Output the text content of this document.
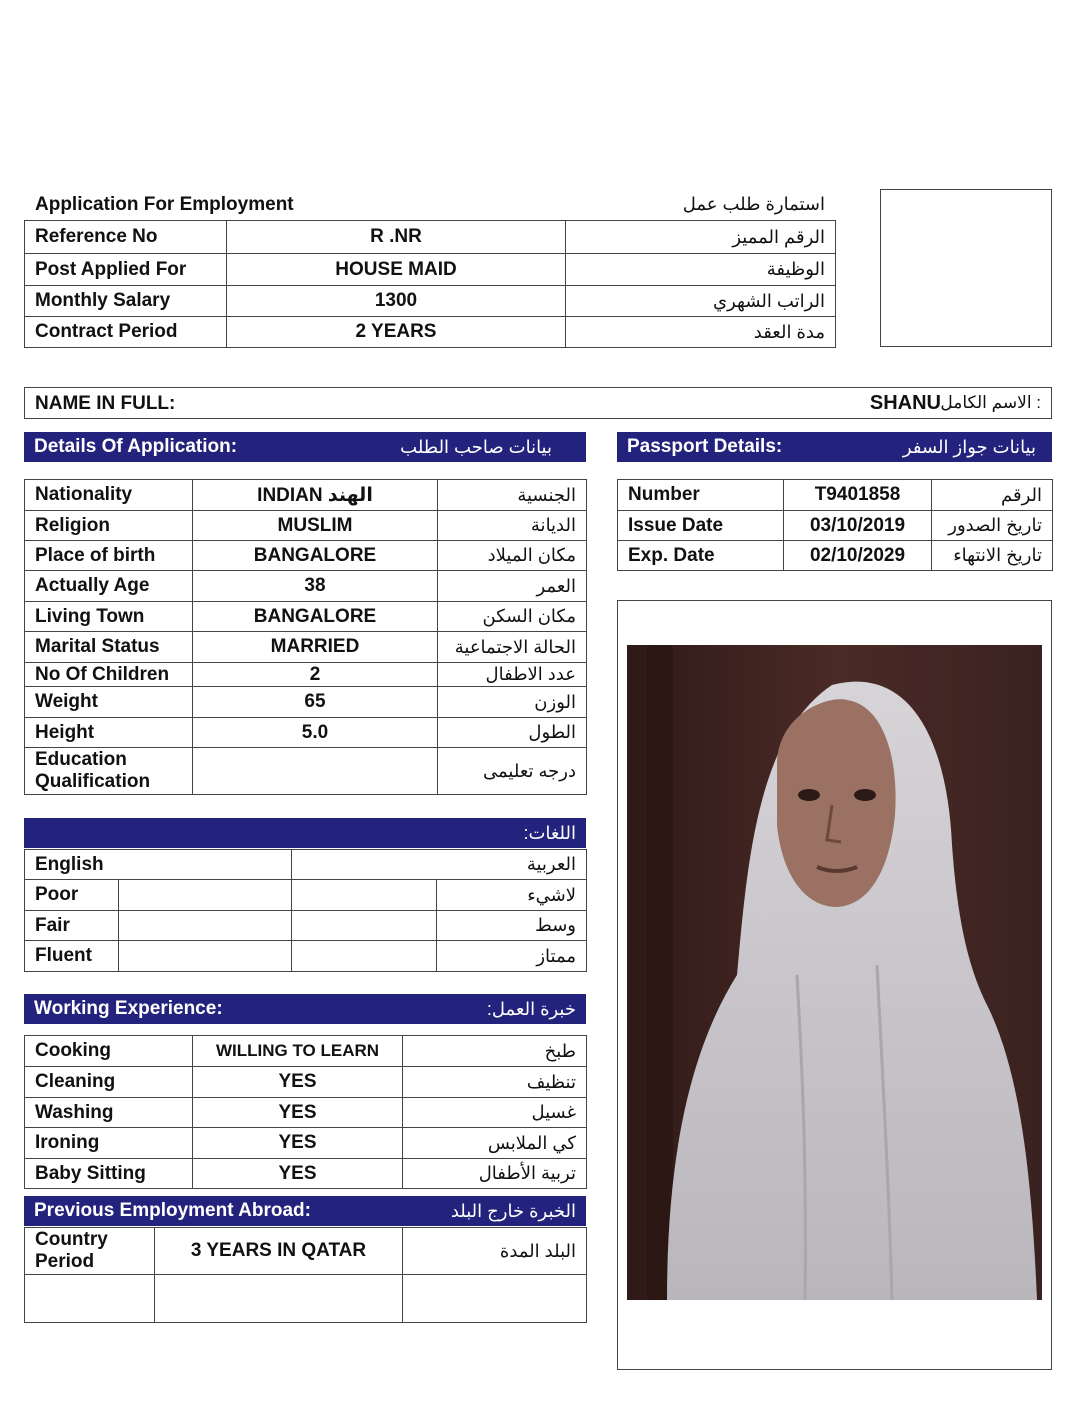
Application For Employment	استمارة طلب عمل
Reference No	R .NR	الرقم المميز
Post Applied For	HOUSE MAID	الوظيفة
Monthly Salary	1300	الراتب الشهري
Contract Period	2 YEARS	مدة العقد
NAME IN FULL:	SHANU : الاسم الكامل
Details Of Application:	بيانات صاحب الطلب	Passport Details:	بيانات جواز السفر
Nationality	INDIAN الهند	الجنسية
Religion	MUSLIM	الديانة
Place of birth	BANGALORE	مكان الميلاد
Actually Age	38	العمر
Living Town	BANGALORE	مكان السكن
Marital Status	MARRIED	الحالة الاجتماعية
No Of Children	2	عدد الاطفال
Weight	65	الوزن
Height	5.0	الطول
Education
Qualification		درجه تعليمى
Number	T9401858	الرقم
Issue Date	03/10/2019	تاريخ الصدور
Exp. Date	02/10/2029	تاريخ الانتهاء
اللغات:
English		العربية	
Poor			لاشيء
Fair			وسط
Fluent			ممتاز
Working Experience:	خبرة العمل:
Cooking	WILLING TO LEARN	طبخ
Cleaning	YES	تنظيف
Washing	YES	غسيل
Ironing	YES	كي الملابس
Baby Sitting	YES	تربية الأطفال
Previous Employment Abroad:	الخبرة خارج البلد
Country
Period	3 YEARS IN QATAR	البلد المدة
